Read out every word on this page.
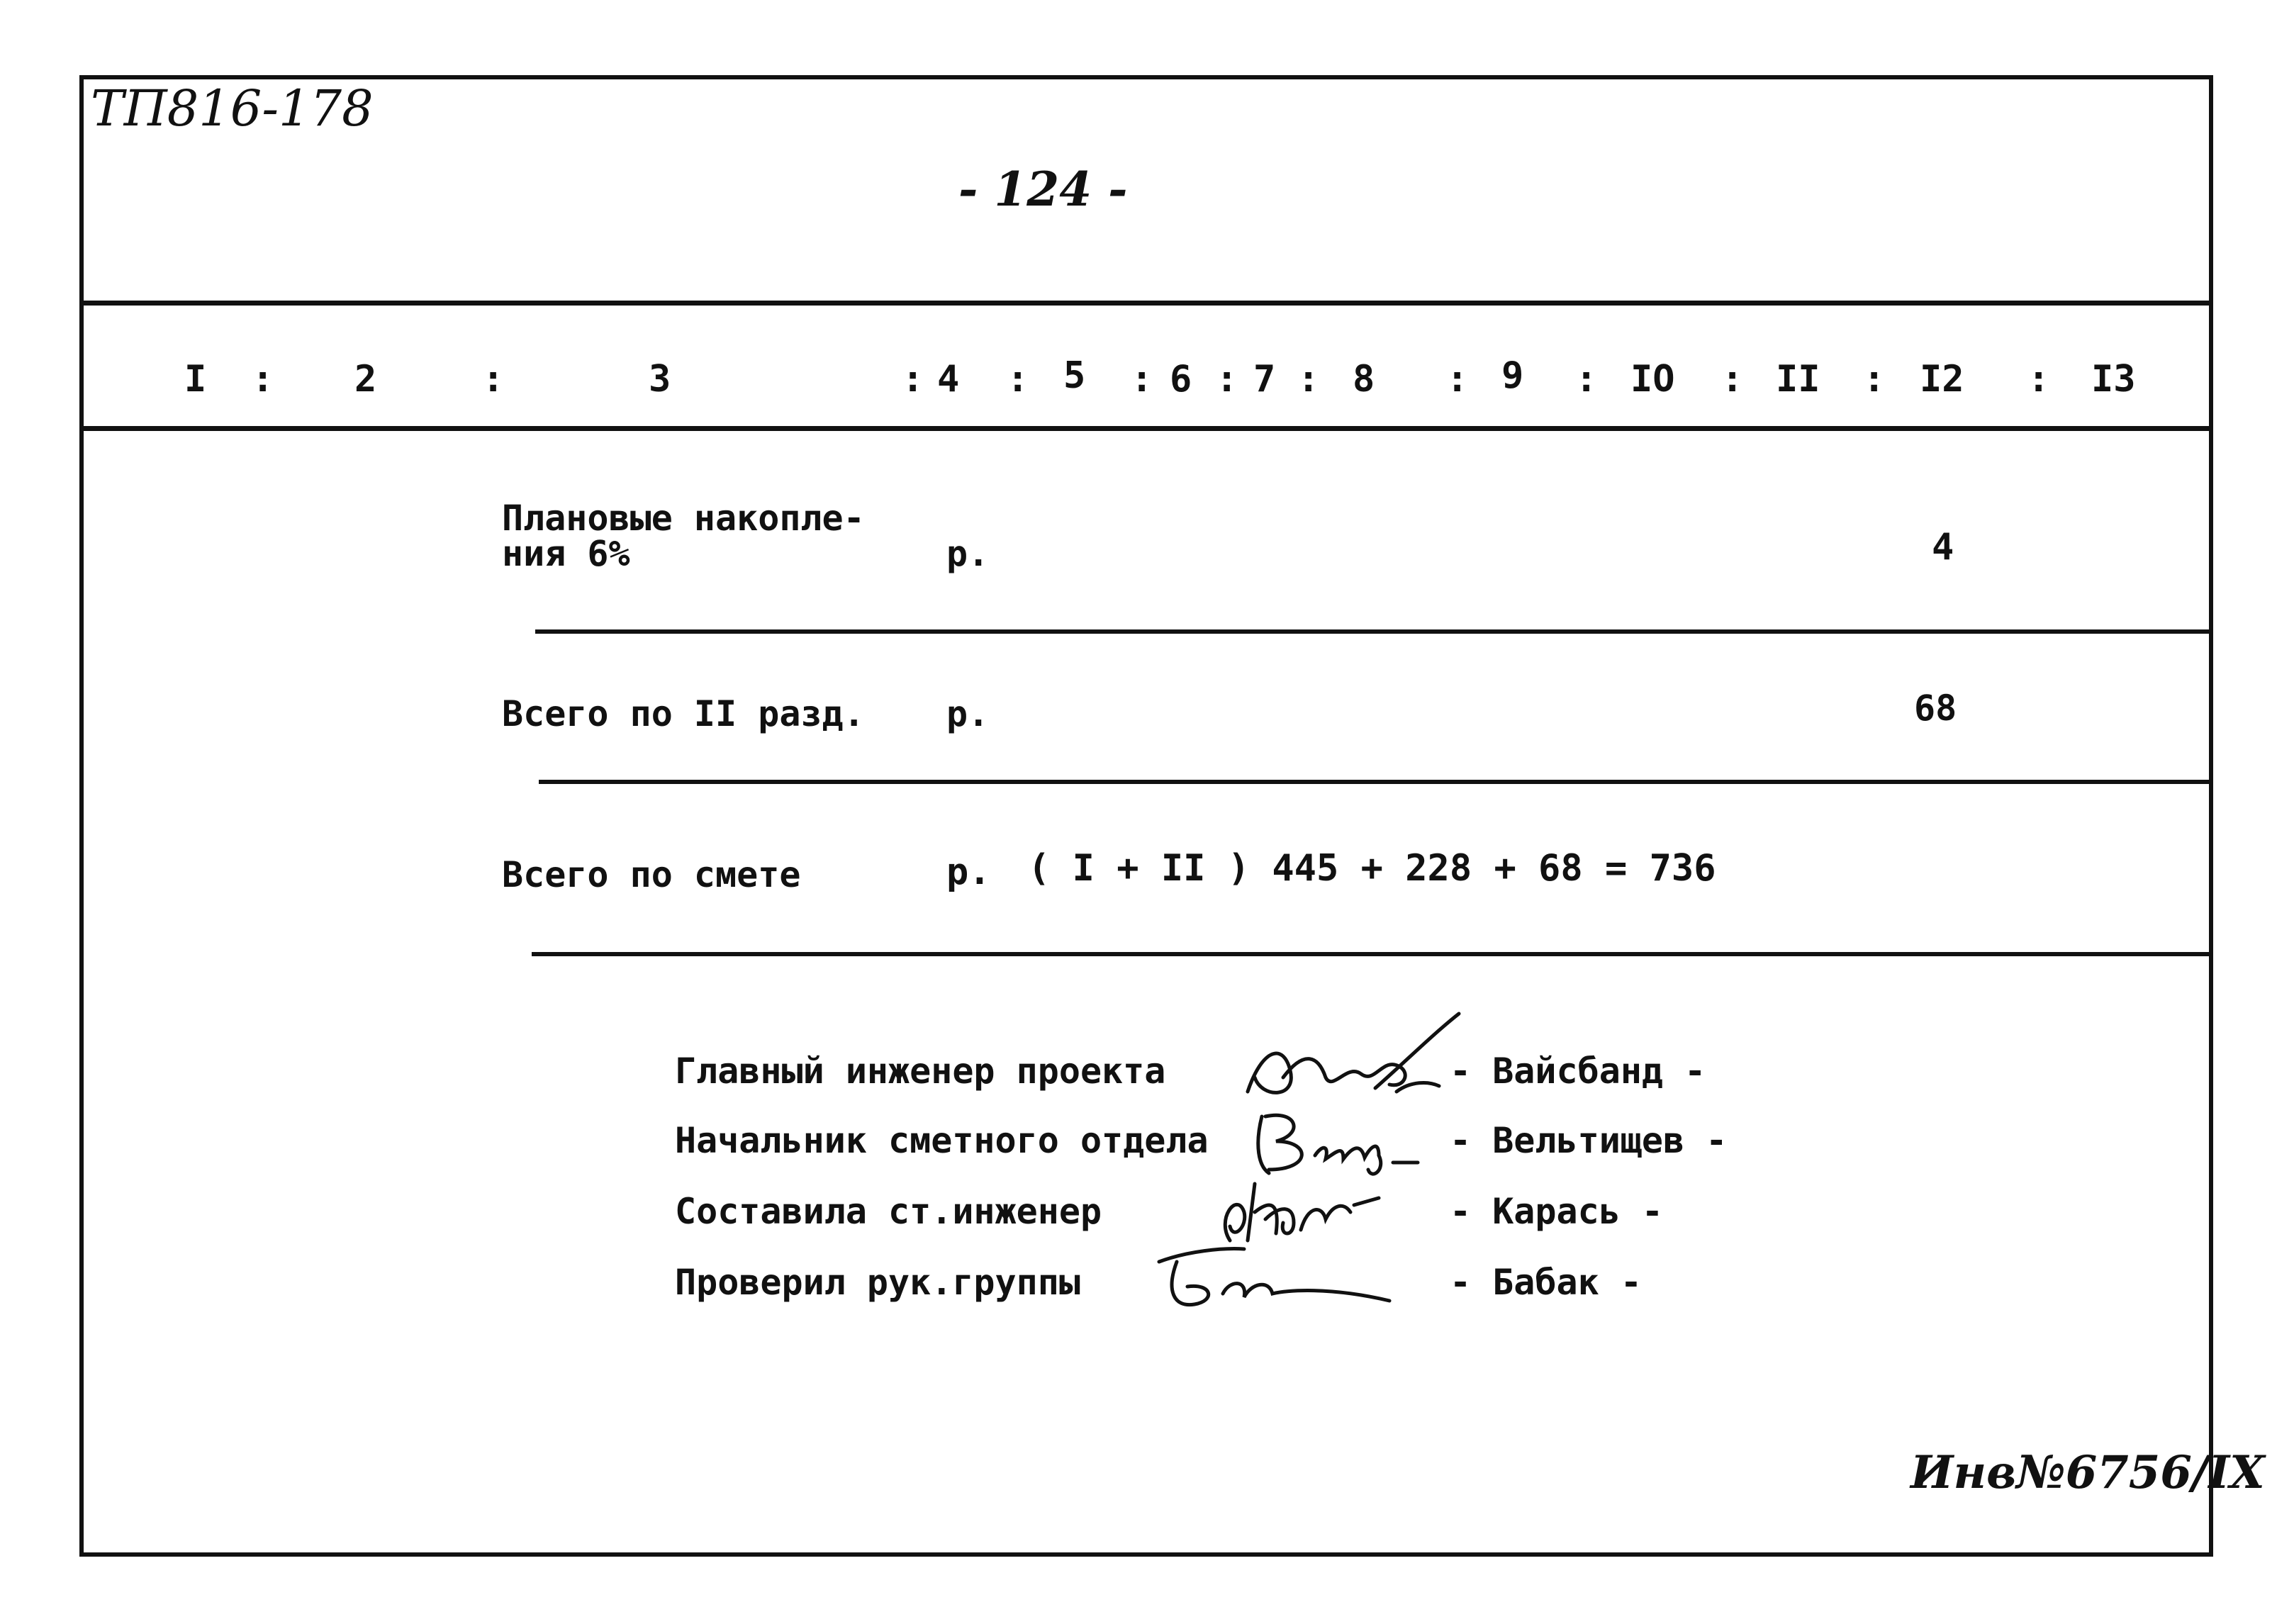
ТП816-178
- 124 -
I : 2	:	3	: 4 : 5 : 6 : 7 : 8 : 9 : IO : II : I2 : I3
Плановые накопле-
ния 6%	р.	4
Всего по II разд. р.	68
Всего по смете	р. ( I + II ) 445 + 228 + 68 = 736
Главный инженер проекта	- Вайсбанд -
Начальник сметного отдела	- Вельтищев -
Составила ст.инженер	- Карась -
Проверил рук.группы	- Бабак -
Инв№6756/IX
